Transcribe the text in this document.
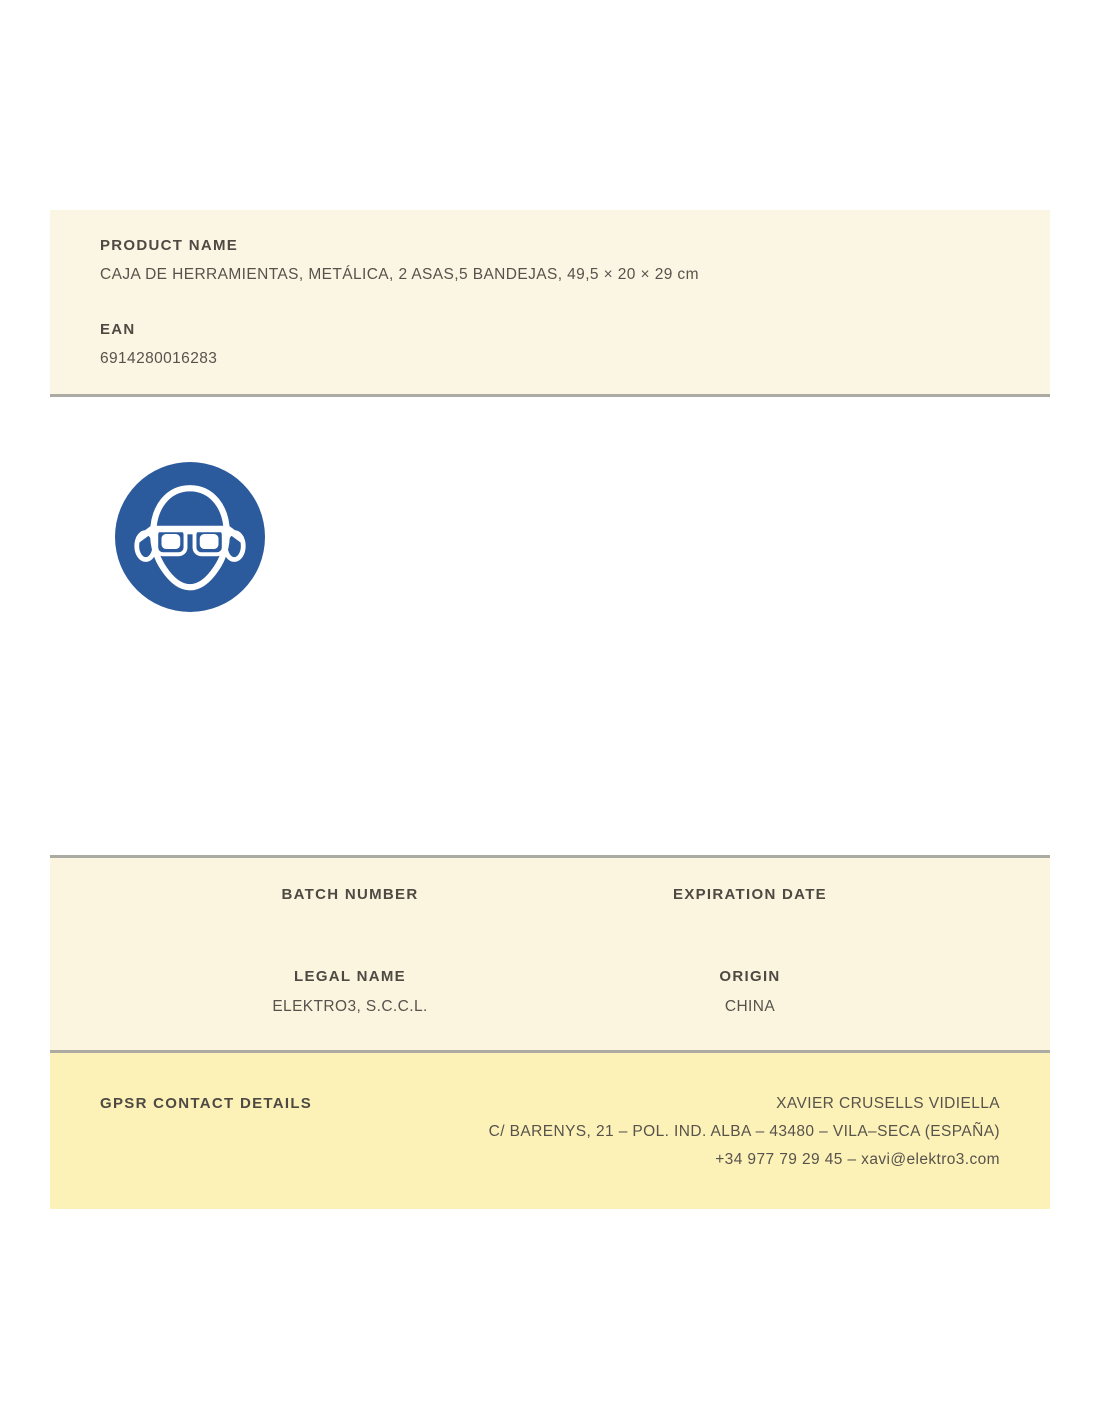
PRODUCT NAME
CAJA DE HERRAMIENTAS, METÁLICA, 2 ASAS,5 BANDEJAS, 49,5 × 20 × 29 cm
EAN
6914280016283
BATCH NUMBER	EXPIRATION DATE
LEGAL NAME
ELEKTRO3, S.C.C.L.
ORIGIN
CHINA
GPSR CONTACT DETAILS	XAVIER CRUSELLS VIDIELLA
C/ BARENYS, 21 – POL. IND. ALBA – 43480 – VILA–SECA (ESPAÑA)
+34 977 79 29 45 – xavi@elektro3.com
